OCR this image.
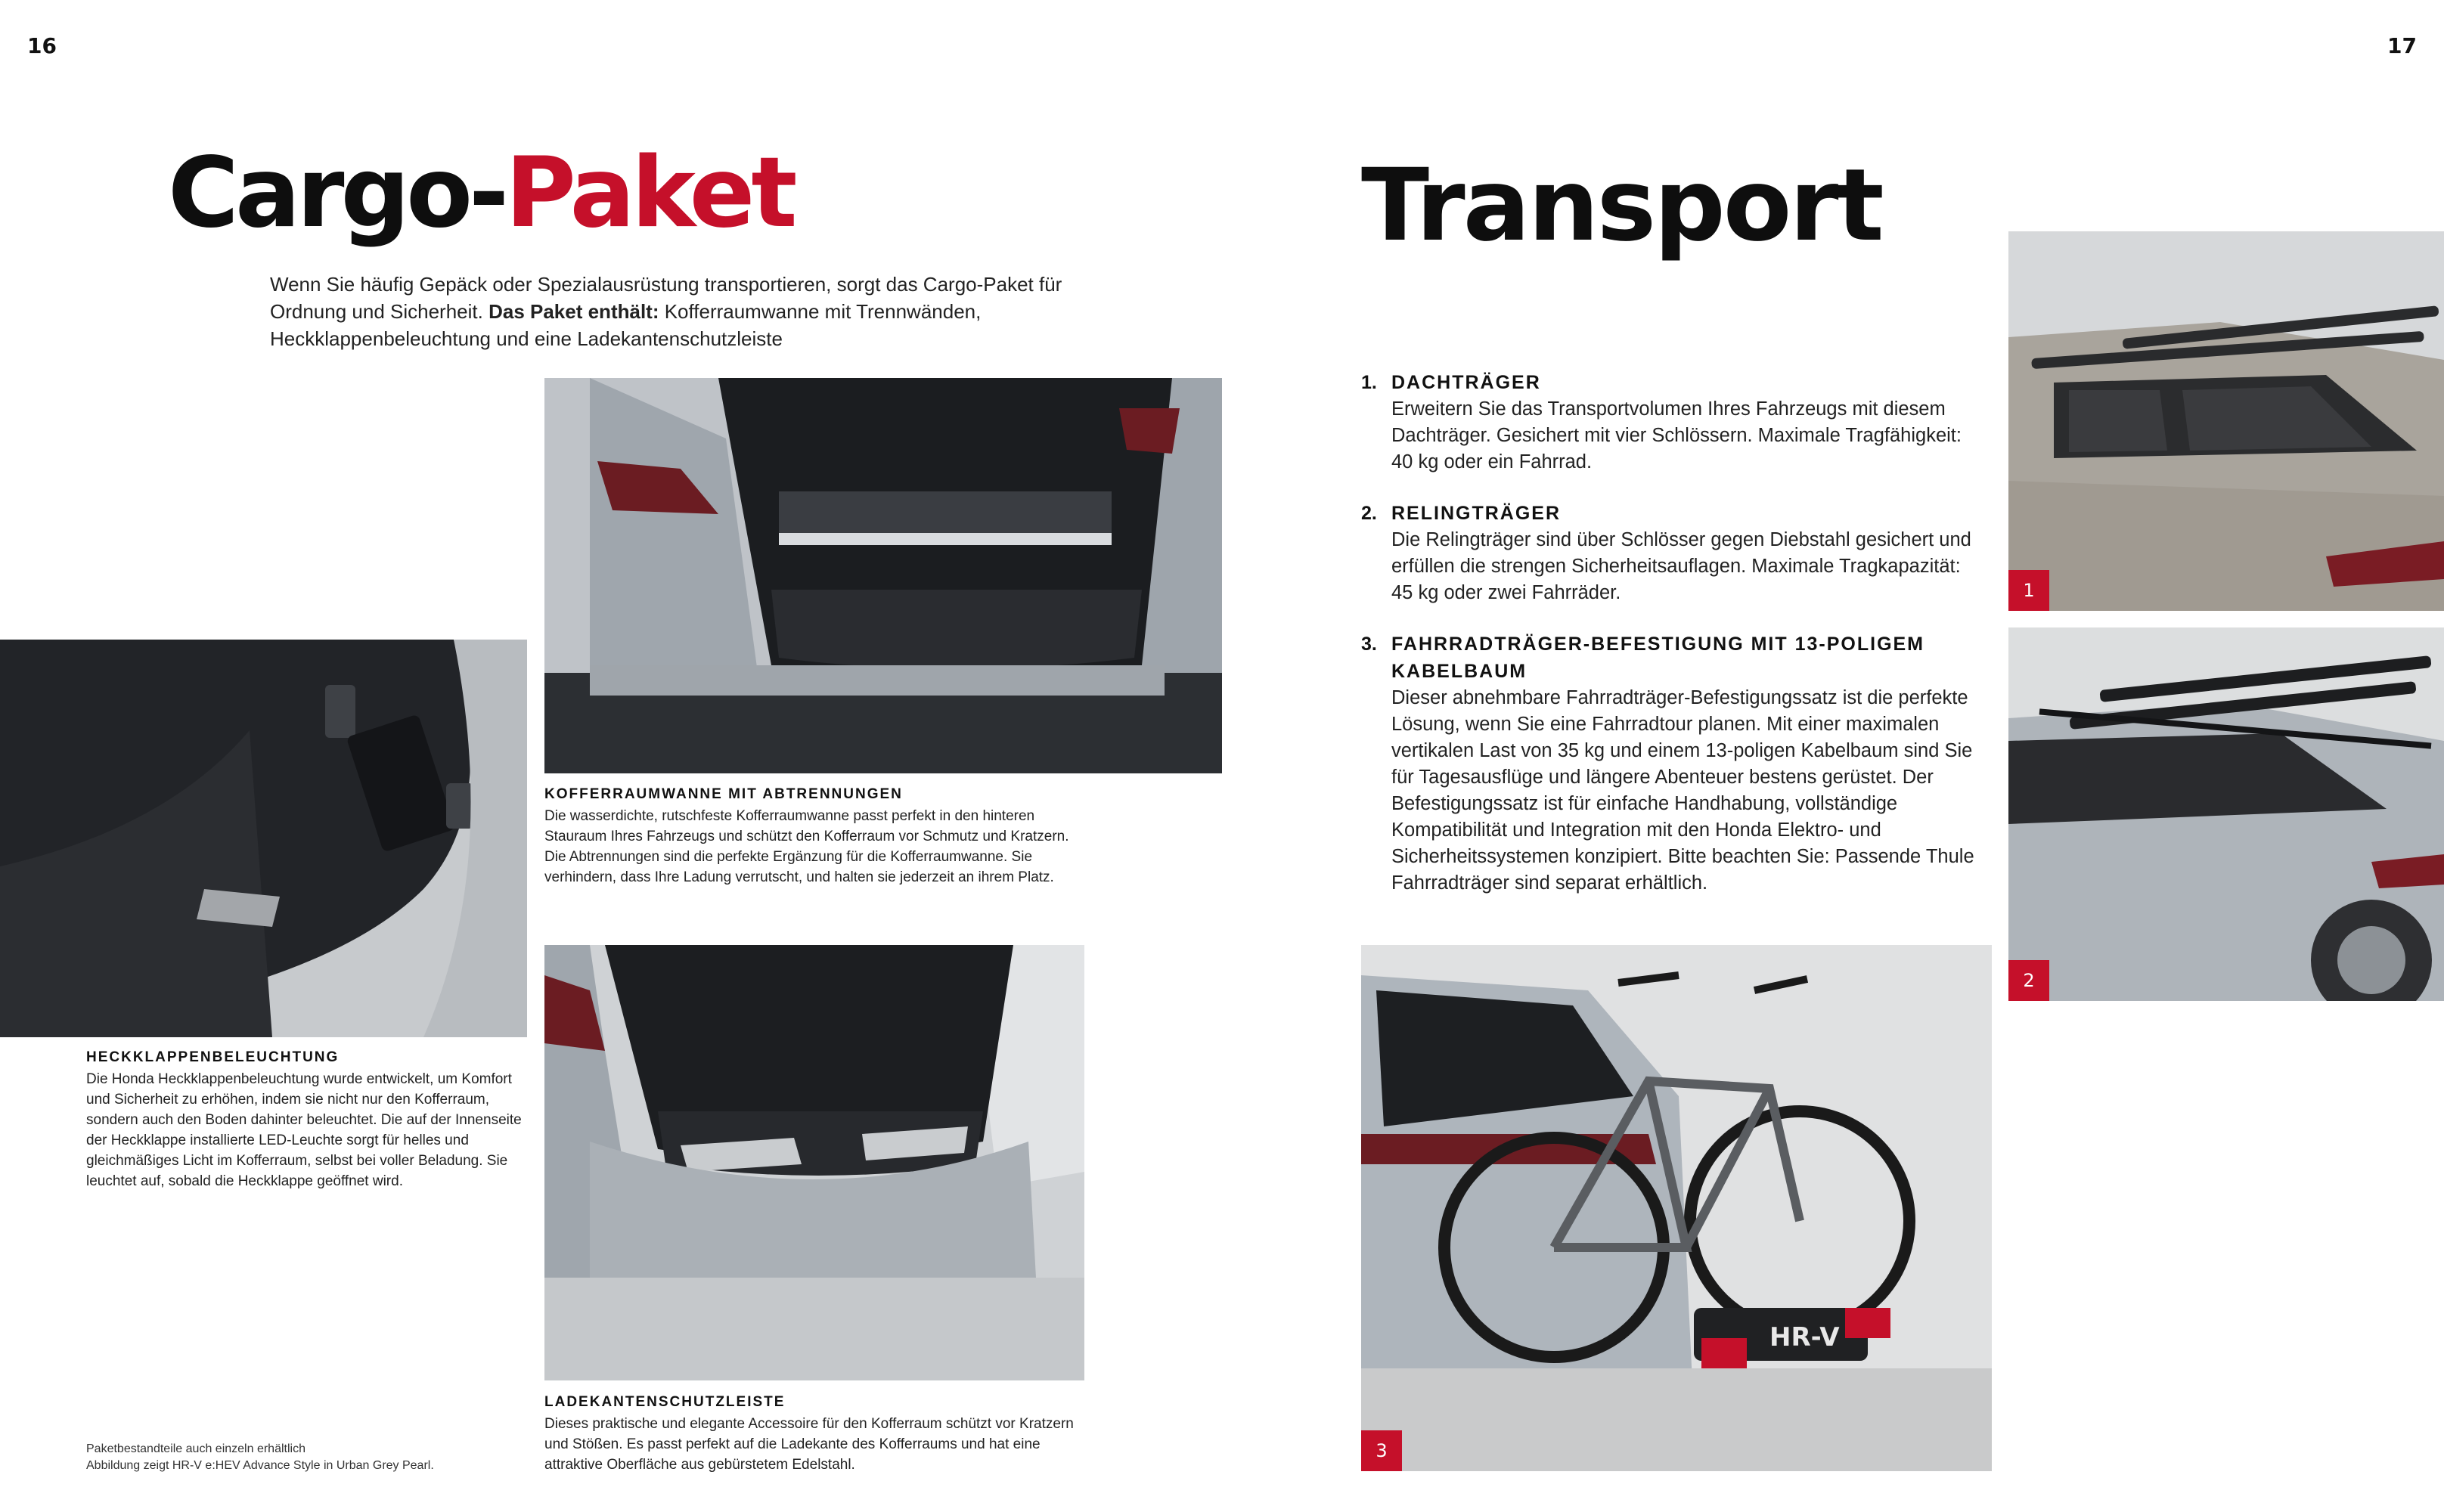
16	17
Cargo-Paket

Wenn Sie häufig Gepäck oder Spezialausrüstung transportieren, sorgt das Cargo-Paket für Ordnung und Sicherheit. Das Paket enthält: Kofferraumwanne mit Trennwänden, Heckklappenbeleuchtung und eine Ladekantenschutzleiste

KOFFERRAUMWANNE MIT ABTRENNUNGEN

Die wasserdichte, rutschfeste Kofferraumwanne passt perfekt in den hinteren Stauraum Ihres Fahrzeugs und schützt den Kofferraum vor Schmutz und Kratzern. Die Abtrennungen sind die perfekte Ergänzung für die Kofferraumwanne. Sie verhindern, dass Ihre Ladung verrutscht, und halten sie jederzeit an ihrem Platz.

HECKKLAPPENBELEUCHTUNG

Die Honda Heckklappenbeleuchtung wurde entwickelt, um Komfort und Sicherheit zu erhöhen, indem sie nicht nur den Kofferraum, sondern auch den Boden dahinter beleuchtet. Die auf der Innenseite der Heckklappe installierte LED-Leuchte sorgt für helles und gleichmäßiges Licht im Kofferraum, selbst bei voller Beladung. Sie leuchtet auf, sobald die Heckklappe geöffnet wird.

LADEKANTENSCHUTZLEISTE

Dieses praktische und elegante Accessoire für den Kofferraum schützt vor Kratzern und Stößen. Es passt perfekt auf die Ladekante des Kofferraums und hat eine attraktive Oberfläche aus gebürstetem Edelstahl.

Paketbestandteile auch einzeln erhältlich
Abbildung zeigt HR-V e:HEV Advance Style in Urban Grey Pearl.
Transport
1. DACHTRÄGER
Erweitern Sie das Transportvolumen Ihres Fahrzeugs mit diesem Dachträger. Gesichert mit vier Schlössern. Maximale Tragfähigkeit: 40 kg oder ein Fahrrad.
2. RELINGTRÄGER
Die Relingträger sind über Schlösser gegen Diebstahl gesichert und erfüllen die strengen Sicherheitsauflagen. Maximale Tragkapazität: 45 kg oder zwei Fahrräder.
3. FAHRRADTRÄGER-BEFESTIGUNG MIT 13-POLIGEM KABELBAUM
Dieser abnehmbare Fahrradträger-Befestigungssatz ist die perfekte Lösung, wenn Sie eine Fahrradtour planen. Mit einer maximalen vertikalen Last von 35 kg und einem 13-poligen Kabelbaum sind Sie für Tagesausflüge und längere Abenteuer bestens gerüstet. Der Befestigungssatz ist für einfache Handhabung, vollständige Kompatibilität und Integration mit den Honda Elektro- und Sicherheitssystemen konzipiert. Bitte beachten Sie: Passende Thule Fahrradträger sind separat erhältlich.
1
2
HR-V
3
